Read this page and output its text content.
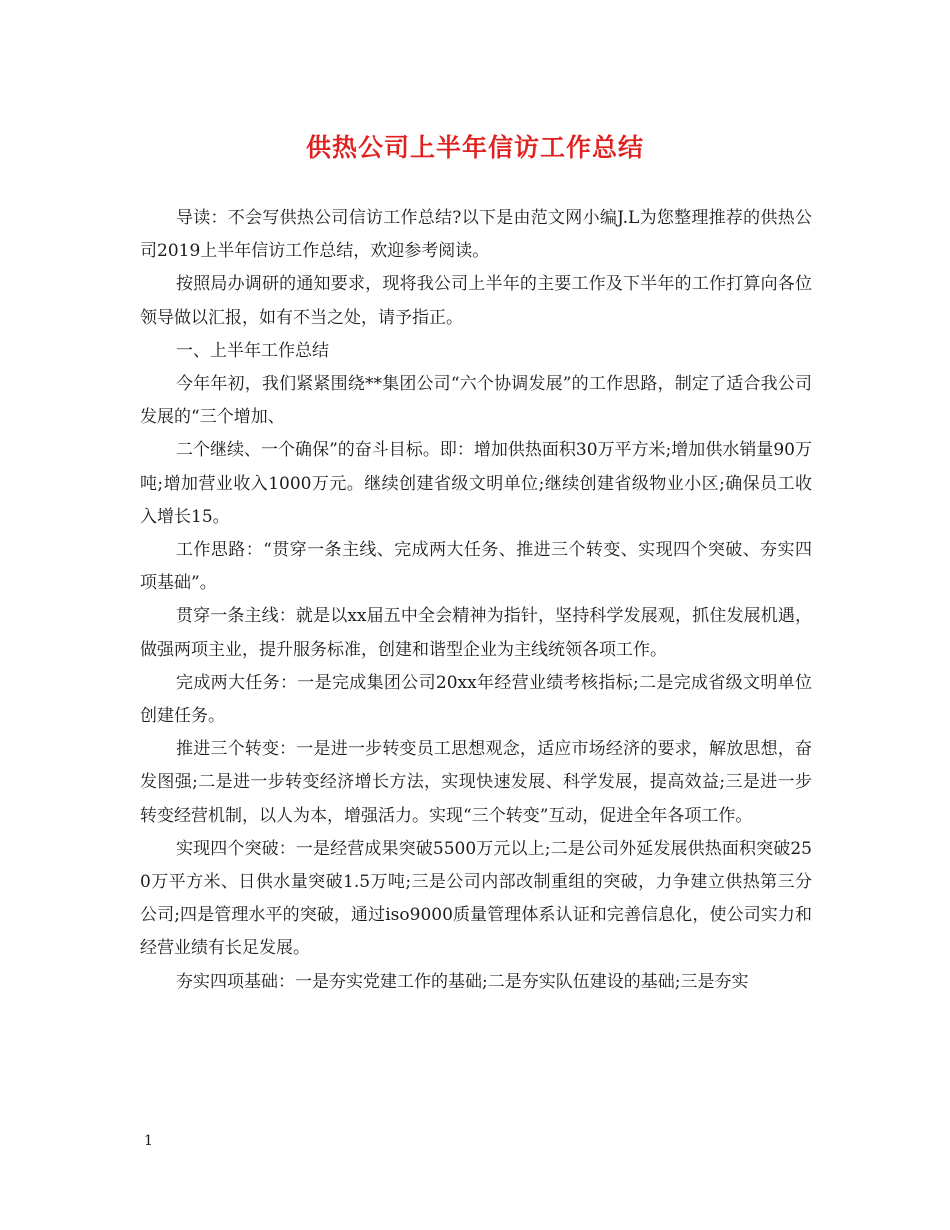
供热公司上半年信访工作总结

导读：不会写供热公司信访工作总结?以下是由范文网小编J.L为您整理推荐的供热公司2019上半年信访工作总结，欢迎参考阅读。

按照局办调研的通知要求，现将我公司上半年的主要工作及下半年的工作打算向各位领导做以汇报，如有不当之处，请予指正。

一、上半年工作总结

今年年初，我们紧紧围绕**集团公司“六个协调发展”的工作思路，制定了适合我公司发展的“三个增加、

二个继续、一个确保”的奋斗目标。即：增加供热面积30万平方米;增加供水销量90万吨;增加营业收入1000万元。继续创建省级文明单位;继续创建省级物业小区;确保员工收入增长15。

工作思路：“贯穿一条主线、完成两大任务、推进三个转变、实现四个突破、夯实四项基础”。

贯穿一条主线：就是以xx届五中全会精神为指针，坚持科学发展观，抓住发展机遇，做强两项主业，提升服务标准，创建和谐型企业为主线统领各项工作。

完成两大任务：一是完成集团公司20xx年经营业绩考核指标;二是完成省级文明单位创建任务。

推进三个转变：一是进一步转变员工思想观念，适应市场经济的要求，解放思想，奋发图强;二是进一步转变经济增长方法，实现快速发展、科学发展，提高效益;三是进一步转变经营机制，以人为本，增强活力。实现“三个转变”互动，促进全年各项工作。

实现四个突破：一是经营成果突破5500万元以上;二是公司外延发展供热面积突破250万平方米、日供水量突破1.5万吨;三是公司内部改制重组的突破，力争建立供热第三分公司;四是管理水平的突破，通过iso9000质量管理体系认证和完善信息化，使公司实力和经营业绩有长足发展。

夯实四项基础：一是夯实党建工作的基础;二是夯实队伍建设的基础;三是夯实

1
